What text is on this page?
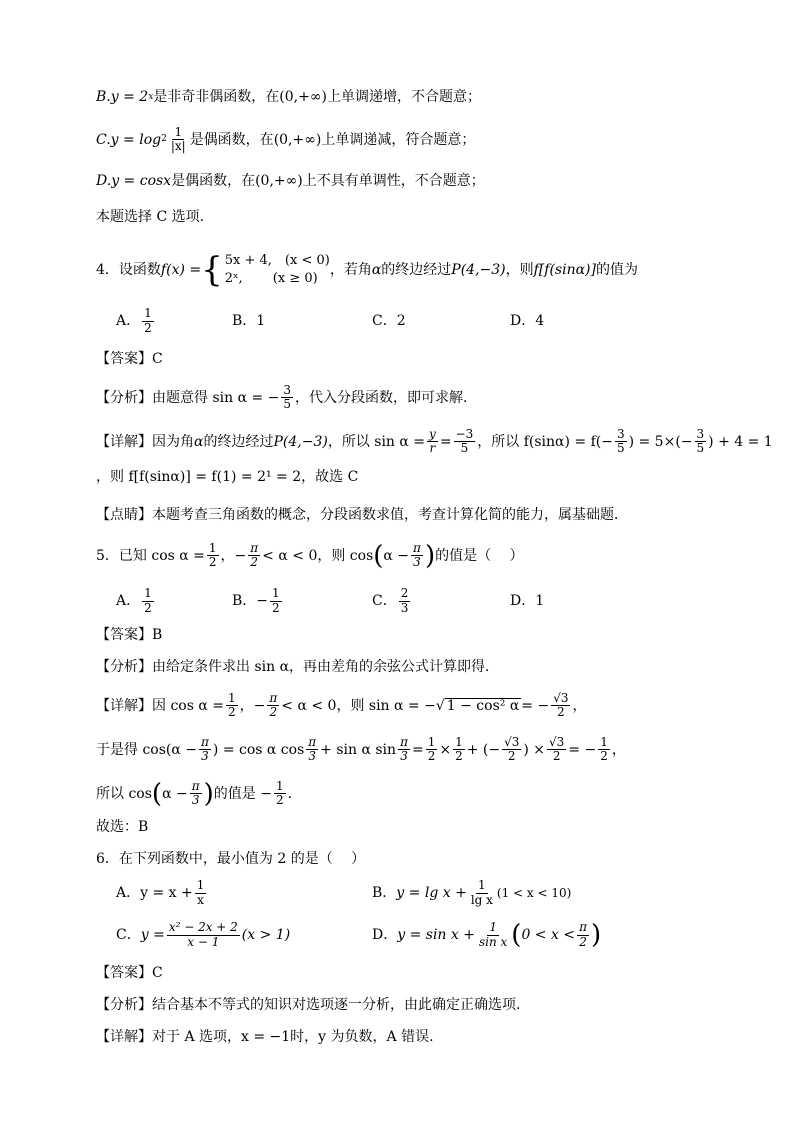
B. y = 2 x 是非奇非偶函数，在 (0,+∞) 上单调递增，不合题意；
C. $y = \log 2 \frac{1}{|x|}$ 是偶函数，在 (0,+∞) 上单调递减，符合题意；
D. y = cosx 是偶函数，在 (0,+∞) 上不具有单调性，不合题意；
本题选择 C 选项.
4．设函数 f(x) = { 5x + 4,　(x < 0)
2ˣ,　　 (x ≥ 0)
，若角 α 的终边经过 P(4,−3) ，则 f[f(sinα)] 的值为
A． $\frac{1}{2}$	B．1	C．2	D．4
【答案】 C
【分析】 由题意得 sin α = − $\frac{3}{5}$ ，代入分段函数，即可求解．
【详解】 因为角 α 的终边经过 P(4,−3) ，所以 $\sin \alpha = \frac{y}{r} = \frac{-3}{5}$ ，所以 $f(\sin\alpha) = f(- \frac{3}{5}$ ) = $5\times(- \frac{3}{5}$ ) + 4 = 1
，则 f[f(sinα)] = f(1) = 2¹ = 2，故选 C
【点睛】 本题考查三角函数的概念，分段函数求值，考查计算化简的能力，属基础题．
5．已知 $\cos \alpha = \frac{1}{2}$ ，− $\frac{\pi}{2} < \alpha < 0$，则 cos ( $\alpha - \frac{\pi}{3}$ ) 的值是（　 ）
A． $\frac{1}{2}$	B．− $\frac{1}{2}$	C． $\frac{2}{3}$	D．1
【答案】 B
【分析】 由给定条件求出 sin α，再由差角的余弦公式计算即得.
【详解】 因 $\cos \alpha = \frac{1}{2}$ ，− $\frac{\pi}{2} < \alpha < 0$，则 sin α = − √ 1 − cos² α = − $\frac{√3}{2}$ ，
于是得 $\cos(\alpha - \frac{\pi}{3}$ ) = cos α $\cos \frac{\pi}{3} + \sin \alpha$ $\sin \frac{\pi}{3} = \frac{1}{2} \times \frac{1}{2}$ + (− $\frac{√3}{2}$ ) × $\frac{√3}{2}$ = − $\frac{1}{2}$ ，
所以 cos ( $\alpha - \frac{\pi}{3}$ ) 的值是 − $\frac{1}{2}$ .
故选：B
6．在下列函数中，最小值为 2 的是（　 ）
A． $y = x + \frac{1}{x}$	B． $y = \lg x + \frac{1}{\text{lg x}} (1 < x < 10)$
C． $y = \frac{\text{x² − 2x + 2}}{x - 1} (x > 1)$	D． $y = \sin x + \frac{1}{\text{sin x}}$ ( $0 < x < \frac{\pi}{2}$ )
【答案】 C
【分析】 结合基本不等式的知识对选项逐一分析，由此确定正确选项.
【详解】 对于 A 选项，x = −1时，y 为负数，A 错误.
